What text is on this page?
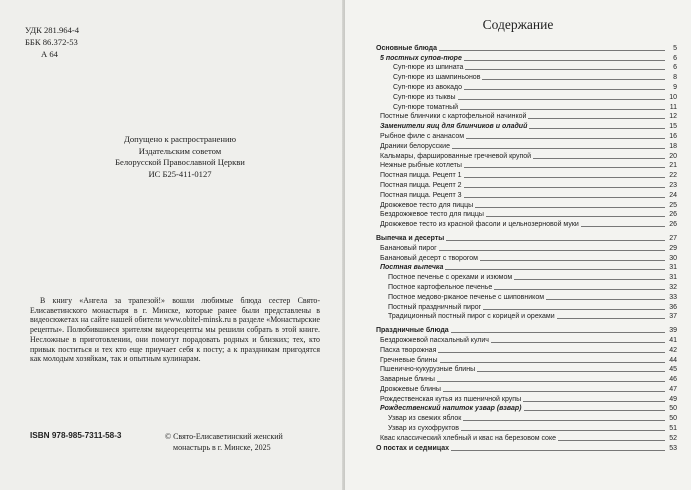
УДК 281.964-4
ББК 86.372-53
А 64
Допущено к распространению
Издательским советом
Белорусской Православной Церкви
ИС Б25-411-0127
В книгу «Ангела за трапезой!» вошли любимые блюда сестер Свято-Елисаветинского монастыря в г. Минске, которые ранее были представлены в видеосюжетах на сайте нашей обители www.obitel-minsk.ru в разделе «Монастырские рецепты». Полюбившиеся зрителям видеорецепты мы решили собрать в этой книге. Несложные в приготовлении, они помогут порадовать родных и близких; тех, кто привык поститься и тех кто еще приучает себя к посту; а к праздникам пригодятся как молодым хозяйкам, так и опытным кулинарам.
ISBN 978-985-7311-58-3	© Свято-Елисаветинский женский
монастырь в г. Минске, 2025
Содержание
Основные блюда	5
5 постных супов-пюре	6
Суп-пюре из шпината	6
Суп-пюре из шампиньонов	8
Суп-пюре из авокадо	9
Суп-пюре из тыквы	10
Суп-пюре томатный	11
Постные блинчики с картофельной начинкой	12
Заменители яиц для блинчиков и оладий	15
Рыбное филе с ананасом	16
Драники белорусские	18
Кальмары, фаршированные гречневой крупой	20
Нежные рыбные котлеты	21
Постная пицца. Рецепт 1	22
Постная пицца. Рецепт 2	23
Постная пицца. Рецепт 3	24
Дрожжевое тесто для пиццы	25
Бездрожжевое тесто для пиццы	26
Дрожжевое тесто из красной фасоли и цельнозерновой муки	26
Выпечка и десерты	27
Банановый пирог	29
Банановый десерт с творогом	30
Постная выпечка	31
Постное печенье с орехами и изюмом	31
Постное картофельное печенье	32
Постное медово-ржаное печенье с шиповником	33
Постный праздничный пирог	36
Традиционный постный пирог с корицей и орехами	37
Праздничные блюда	39
Бездрожжевой пасхальный кулич	41
Пасха творожная	42
Гречневые блины	44
Пшенично-кукурузные блины	45
Заварные блины	46
Дрожжевые блины	47
Рождественская кутья из пшеничной крупы	49
Рождественский напиток узвар (взвар)	50
Узвар из свежих яблок	50
Узвар из сухофруктов	51
Квас классический хлебный и квас на березовом соке	52
О постах и седмицах	53
